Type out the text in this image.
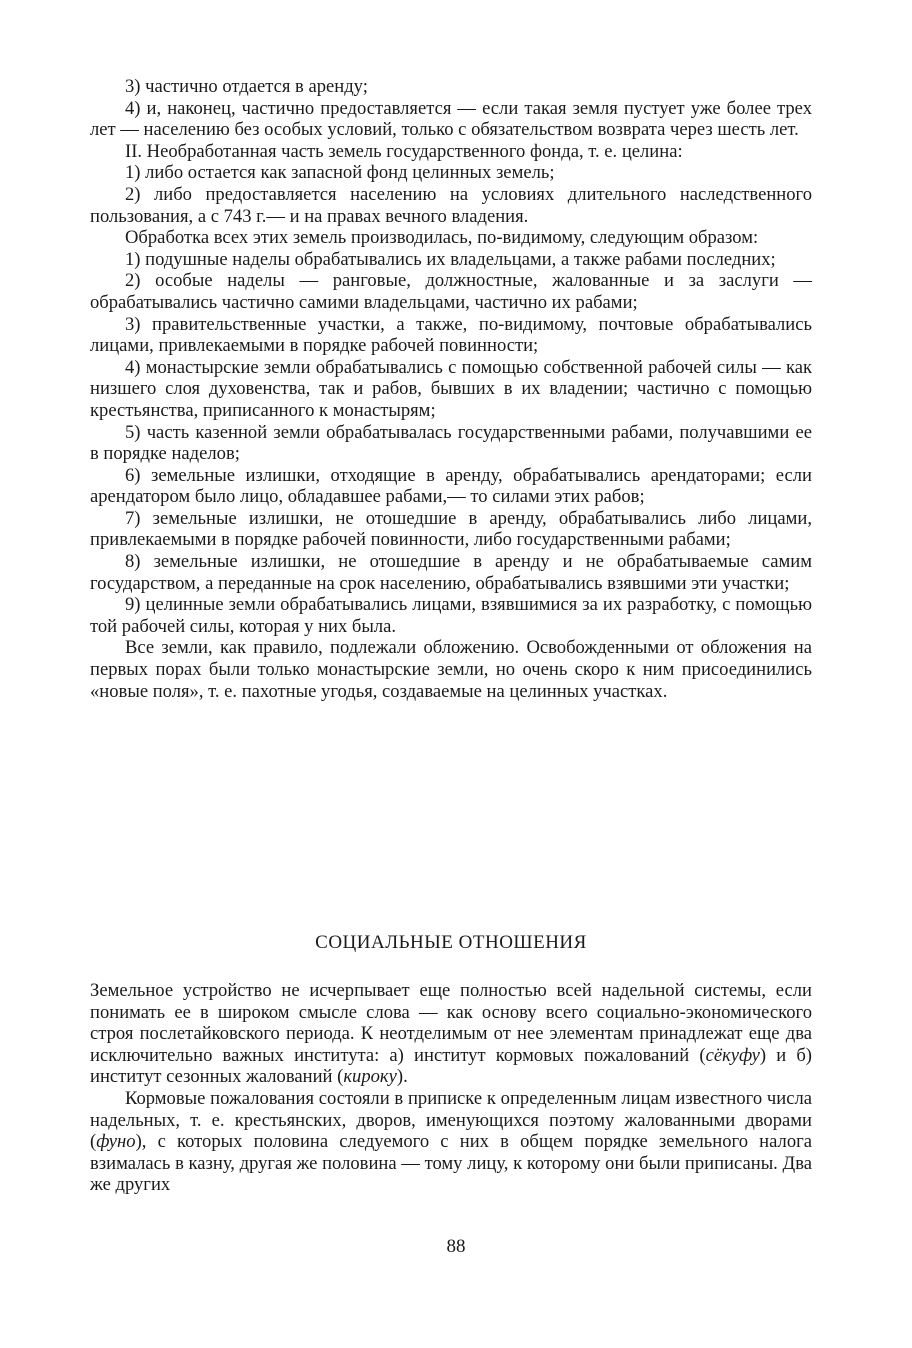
3) частично отдается в аренду;

4) и, наконец, частично предоставляется — если такая земля пустует уже более трех лет — населению без особых условий, только с обязательством возврата через шесть лет.

II. Необработанная часть земель государственного фонда, т. е. целина:

1) либо остается как запасной фонд целинных земель;

2) либо предоставляется населению на условиях длительного наследственного пользования, а с 743 г.— и на правах вечного владения.

Обработка всех этих земель производилась, по-видимому, следующим образом:

1) подушные наделы обрабатывались их владельцами, а также рабами последних;

2) особые наделы — ранговые, должностные, жалованные и за заслуги — обрабатывались частично самими владельцами, частично их рабами;

3) правительственные участки, а также, по-видимому, почтовые обрабатывались лицами, привлекаемыми в порядке рабочей повинности;

4) монастырские земли обрабатывались с помощью собственной рабочей силы — как низшего слоя духовенства, так и рабов, бывших в их владении; частично с помощью крестьянства, приписанного к монастырям;

5) часть казенной земли обрабатывалась государственными рабами, получавшими ее в порядке наделов;

6) земельные излишки, отходящие в аренду, обрабатывались арендаторами; если арендатором было лицо, обладавшее рабами,— то силами этих рабов;

7) земельные излишки, не отошедшие в аренду, обрабатывались либо лицами, привлекаемыми в порядке рабочей повинности, либо государственными рабами;

8) земельные излишки, не отошедшие в аренду и не обрабатываемые самим государством, а переданные на срок населению, обрабатывались взявшими эти участки;

9) целинные земли обрабатывались лицами, взявшимися за их разработку, с помощью той рабочей силы, которая у них была.

Все земли, как правило, подлежали обложению. Освобожденными от обложения на первых порах были только монастырские земли, но очень скоро к ним присоединились «новые поля», т. е. пахотные угодья, создаваемые на целинных участках.

СОЦИАЛЬНЫЕ ОТНОШЕНИЯ

Земельное устройство не исчерпывает еще полностью всей надельной системы, если понимать ее в широком смысле слова — как основу всего социально-экономического строя послетайковского периода. К неотделимым от нее элементам принадлежат еще два исключительно важных института: а) институт кормовых пожалований (сёкуфу) и б) институт сезонных жалований (кироку).

Кормовые пожалования состояли в приписке к определенным лицам известного числа надельных, т. е. крестьянских, дворов, именующихся поэтому жалованными дворами (фуно), с которых половина следуемого с них в общем порядке земельного налога взималась в казну, другая же половина — тому лицу, к которому они были приписаны. Два же других

88
